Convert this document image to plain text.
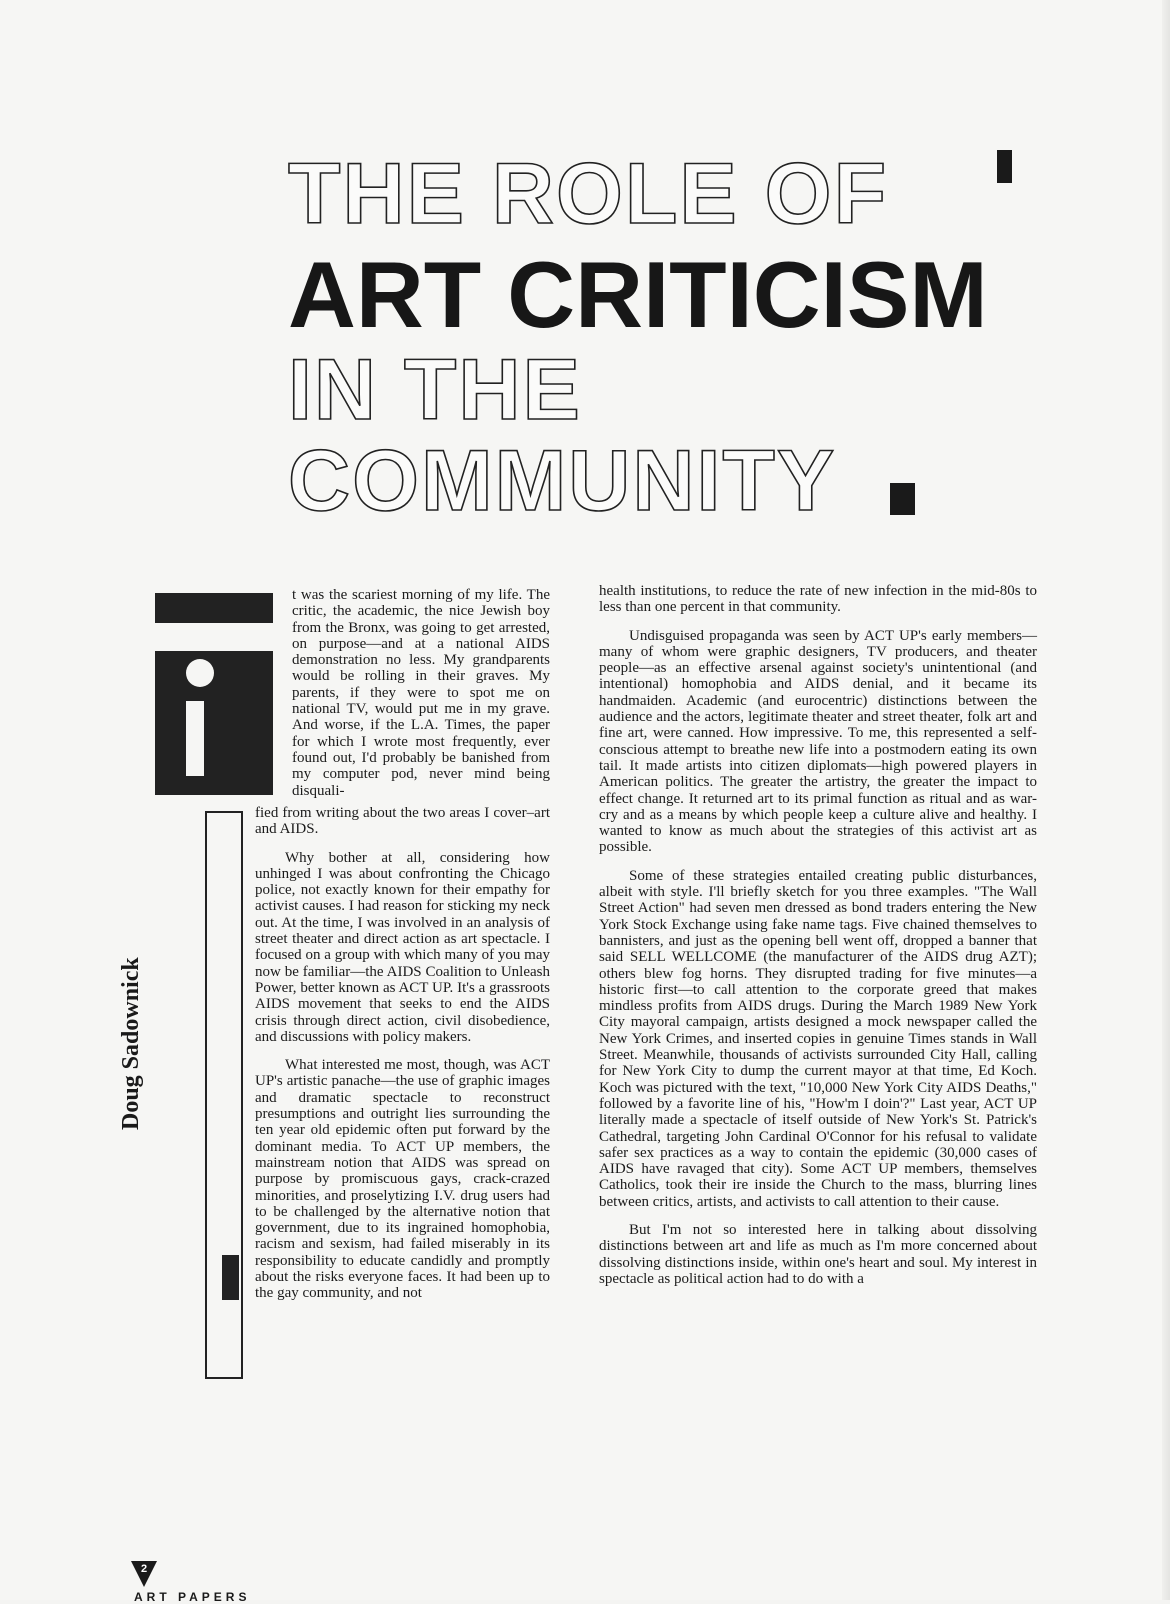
THE ROLE OF
ART CRITICISM
IN THE
COMMUNITY
Doug Sadownick

t was the scariest morning of my life. The critic, the academic, the nice Jewish boy from the Bronx, was going to get arrested, on purpose—and at a national AIDS demonstration no less. My grandparents would be rolling in their graves. My parents, if they were to spot me on national TV, would put me in my grave. And worse, if the L.A. Times, the paper for which I wrote most frequently, ever found out, I'd probably be banished from my computer pod, never mind being disquali-

fied from writing about the two areas I cover–art and AIDS.

Why bother at all, considering how unhinged I was about confronting the Chicago police, not exactly known for their empathy for activist causes. I had reason for sticking my neck out. At the time, I was involved in an analysis of street theater and direct action as art spectacle. I focused on a group with which many of you may now be familiar—the AIDS Coalition to Unleash Power, better known as ACT UP. It's a grassroots AIDS movement that seeks to end the AIDS crisis through direct action, civil disobedience, and discussions with policy makers.

What interested me most, though, was ACT UP's artistic panache—the use of graphic images and dramatic spectacle to reconstruct presumptions and outright lies surrounding the ten year old epidemic often put forward by the dominant media. To ACT UP members, the mainstream notion that AIDS was spread on purpose by promiscuous gays, crack-crazed minorities, and proselytizing I.V. drug users had to be challenged by the alternative notion that government, due to its ingrained homophobia, racism and sexism, had failed miserably in its responsibility to educate candidly and promptly about the risks everyone faces. It had been up to the gay community, and not

health institutions, to reduce the rate of new infection in the mid-80s to less than one percent in that community.

Undisguised propaganda was seen by ACT UP's early members—many of whom were graphic designers, TV producers, and theater people—as an effective arsenal against society's unintentional (and intentional) homophobia and AIDS denial, and it became its handmaiden. Academic (and eurocentric) distinctions between the audience and the actors, legitimate theater and street theater, folk art and fine art, were canned. How impressive. To me, this represented a self-conscious attempt to breathe new life into a postmodern eating its own tail. It made artists into citizen diplomats—high powered players in American politics. The greater the artistry, the greater the impact to effect change. It returned art to its primal function as ritual and as war-cry and as a means by which people keep a culture alive and healthy. I wanted to know as much about the strategies of this activist art as possible.

Some of these strategies entailed creating public disturbances, albeit with style. I'll briefly sketch for you three examples. "The Wall Street Action" had seven men dressed as bond traders entering the New York Stock Exchange using fake name tags. Five chained themselves to bannisters, and just as the opening bell went off, dropped a banner that said SELL WELLCOME (the manufacturer of the AIDS drug AZT); others blew fog horns. They disrupted trading for five minutes—a historic first—to call attention to the corporate greed that makes mindless profits from AIDS drugs. During the March 1989 New York City mayoral campaign, artists designed a mock newspaper called the New York Crimes, and inserted copies in genuine Times stands in Wall Street. Meanwhile, thousands of activists surrounded City Hall, calling for New York City to dump the current mayor at that time, Ed Koch. Koch was pictured with the text, "10,000 New York City AIDS Deaths," followed by a favorite line of his, "How'm I doin'?" Last year, ACT UP literally made a spectacle of itself outside of New York's St. Patrick's Cathedral, targeting John Cardinal O'Connor for his refusal to validate safer sex practices as a way to contain the epidemic (30,000 cases of AIDS have ravaged that city). Some ACT UP members, themselves Catholics, took their ire inside the Church to the mass, blurring lines between critics, artists, and activists to call attention to their cause.

But I'm not so interested here in talking about dissolving distinctions between art and life as much as I'm more concerned about dissolving distinctions inside, within one's heart and soul. My interest in spectacle as political action had to do with a

2
ART PAPERS
